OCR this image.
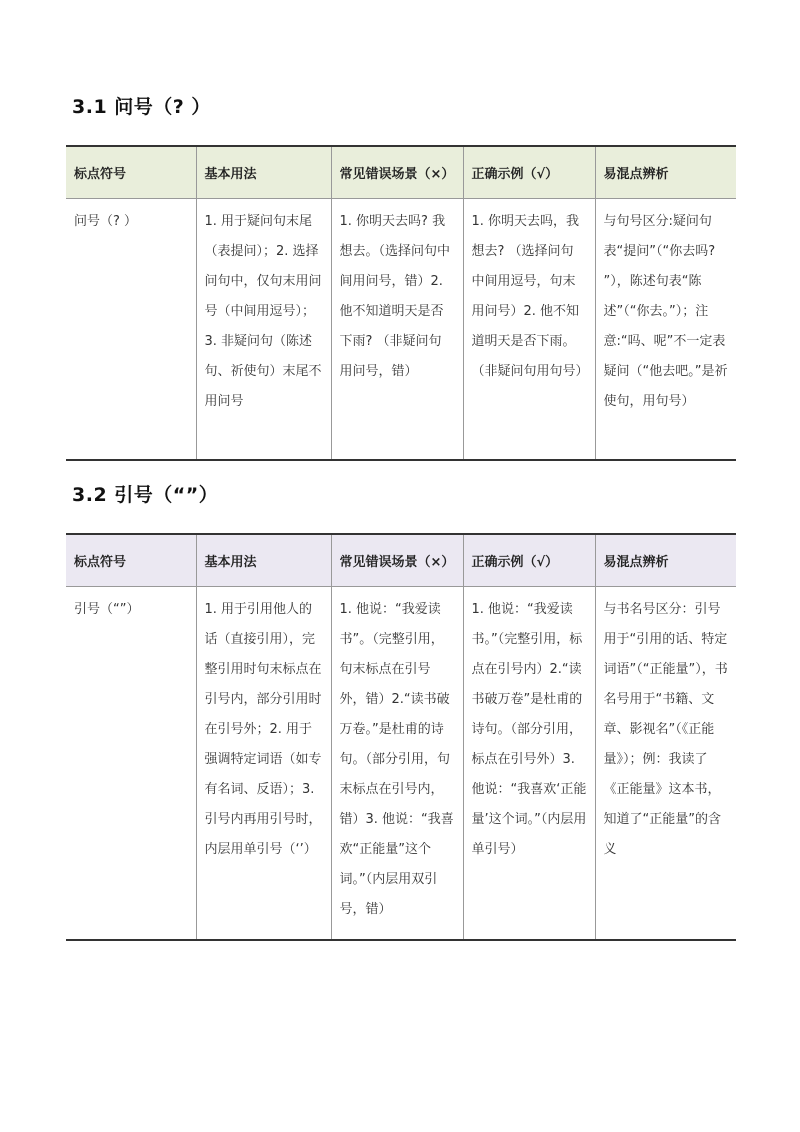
3.1 问号（? ）
标点符号	基本用法	常见错误场景（×）	正确示例（√）	易混点辨析
问号（? ）	1. 用于疑问句末尾（表提问）；2. 选择问句中，仅句末用问号（中间用逗号）；3. 非疑问句（陈述句、祈使句）末尾不用问号	1. 你明天去吗? 我想去。（选择问句中间用问号，错）2. 他不知道明天是否下雨? （非疑问句用问号，错）	1. 你明天去吗，我想去? （选择问句中间用逗号，句末用问号）2. 他不知道明天是否下雨。（非疑问句用句号）	与句号区分:疑问句表“提问”（“你去吗? ”），陈述句表“陈述”（“你去。”）；注意:“吗、呢”不一定表疑问（“他去吧。”是祈使句，用句号）
3.2 引号（“”）
标点符号	基本用法	常见错误场景（×）	正确示例（√）	易混点辨析
引号（“”）	1. 用于引用他人的话（直接引用），完整引用时句末标点在引号内，部分引用时在引号外；2. 用于强调特定词语（如专有名词、反语）；3. 引号内再用引号时，内层用单引号（‘’）	1. 他说：“我爱读书”。（完整引用，句末标点在引号外，错）2.“读书破万卷。”是杜甫的诗句。（部分引用，句末标点在引号内，错）3. 他说：“我喜欢“正能量”这个词。”（内层用双引号，错）	1. 他说：“我爱读书。”（完整引用，标点在引号内）2.“读书破万卷”是杜甫的诗句。（部分引用，标点在引号外）3. 他说：“我喜欢‘正能量’这个词。”（内层用单引号）	与书名号区分：引号用于“引用的话、特定词语”（“正能量”），书名号用于“书籍、文章、影视名”（《正能量》）；例：我读了《正能量》这本书，知道了“正能量”的含义
